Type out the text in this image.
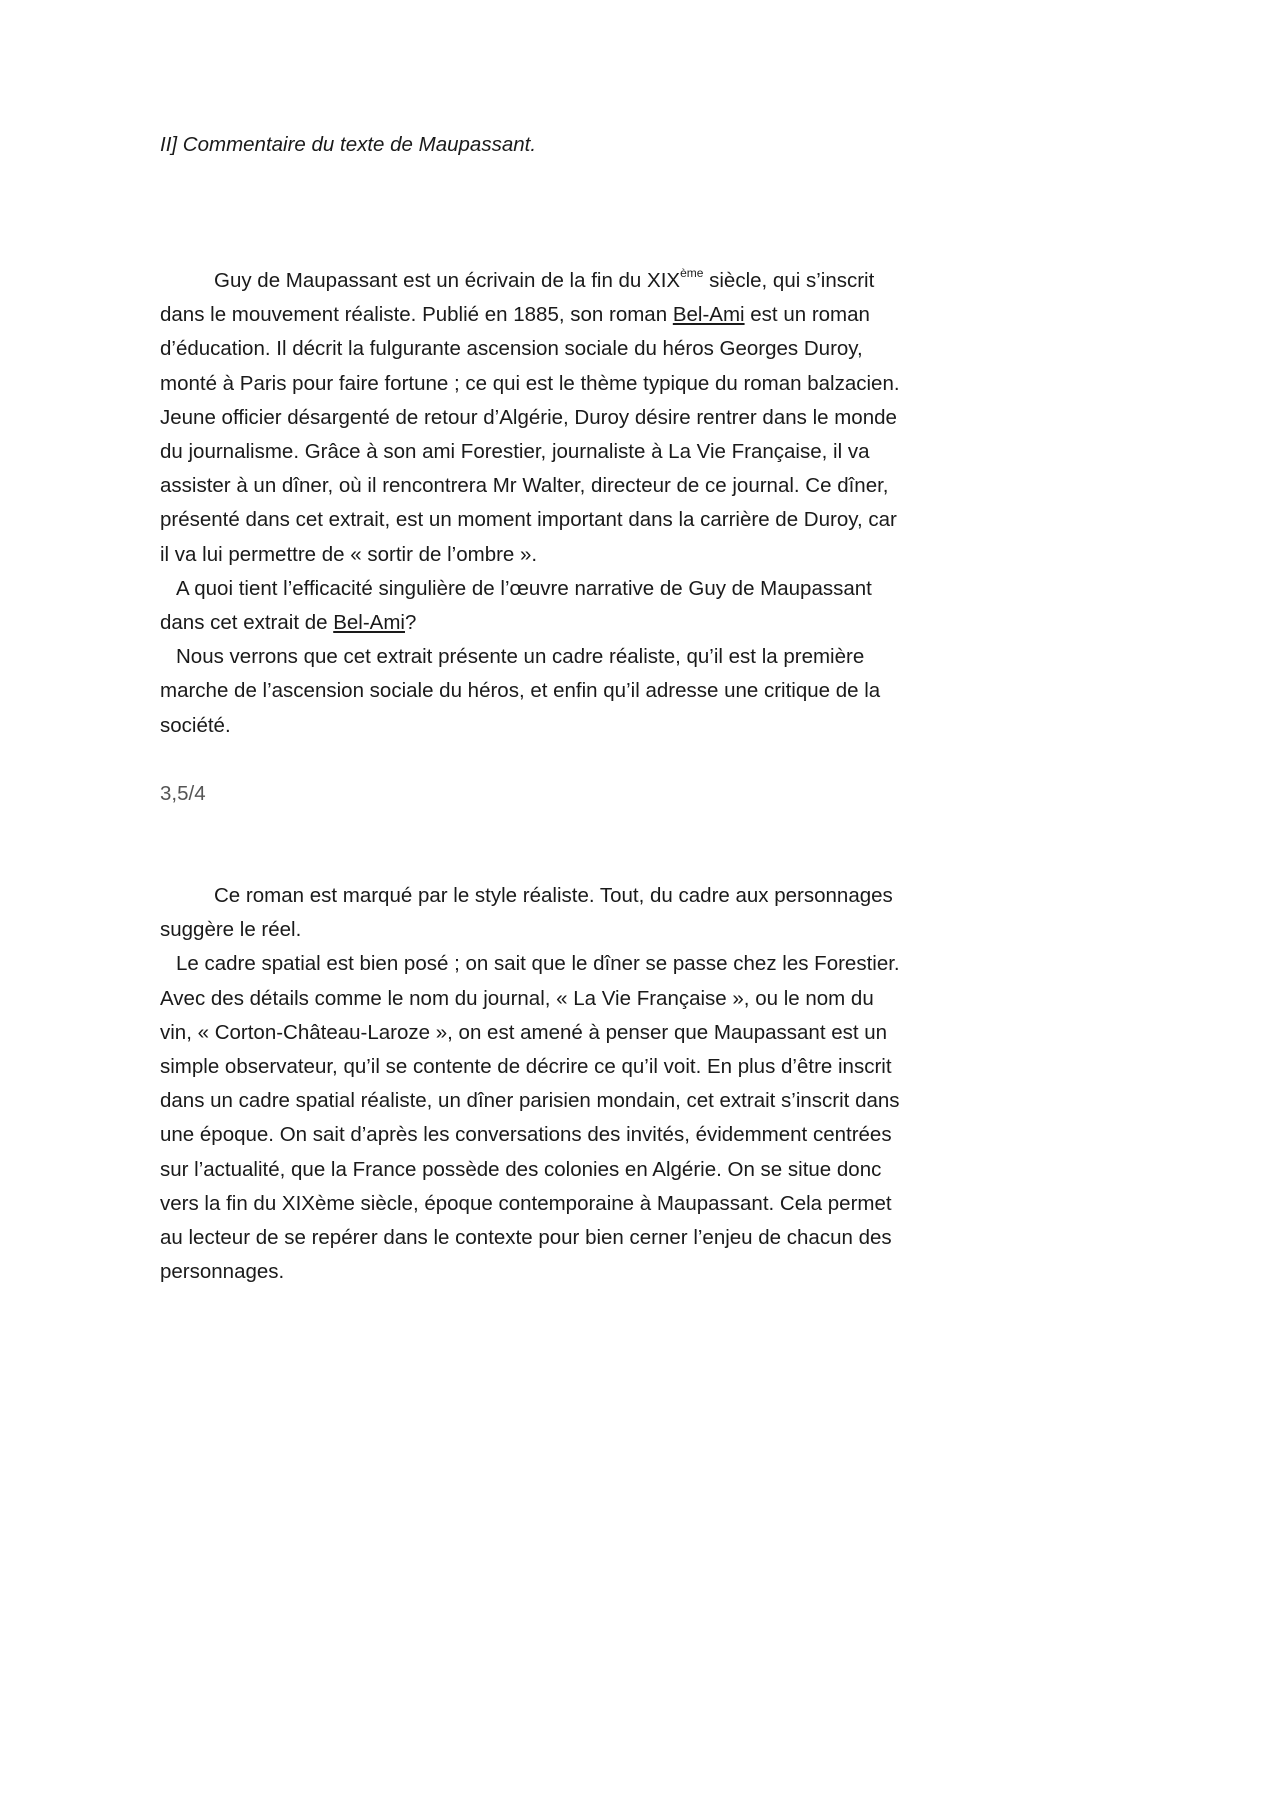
II] Commentaire du texte de Maupassant.

Guy de Maupassant est un écrivain de la fin du XIXème siècle, qui s’inscrit dans le mouvement réaliste. Publié en 1885, son roman Bel-Ami est un roman d’éducation. Il décrit la fulgurante ascension sociale du héros Georges Duroy, monté à Paris pour faire fortune ; ce qui est le thème typique du roman balzacien. Jeune officier désargenté de retour d’Algérie, Duroy désire rentrer dans le monde du journalisme. Grâce à son ami Forestier, journaliste à La Vie Française, il va assister à un dîner, où il rencontrera Mr Walter, directeur de ce journal. Ce dîner, présenté dans cet extrait, est un moment important dans la carrière de Duroy, car il va lui permettre de « sortir de l’ombre ».

A quoi tient l’efficacité singulière de l’œuvre narrative de Guy de Maupassant dans cet extrait de Bel-Ami?

Nous verrons que cet extrait présente un cadre réaliste, qu’il est la première marche de l’ascension sociale du héros, et enfin qu’il adresse une critique de la société.

3,5/4

Ce roman est marqué par le style réaliste. Tout, du cadre aux personnages suggère le réel.

Le cadre spatial est bien posé ; on sait que le dîner se passe chez les Forestier. Avec des détails comme le nom du journal, « La Vie Française », ou le nom du vin, « Corton-Château-Laroze », on est amené à penser que Maupassant est un simple observateur, qu’il se contente de décrire ce qu’il voit. En plus d’être inscrit dans un cadre spatial réaliste, un dîner parisien mondain, cet extrait s’inscrit dans une époque. On sait d’après les conversations des invités, évidemment centrées sur l’actualité, que la France possède des colonies en Algérie. On se situe donc vers la fin du XIXème siècle, époque contemporaine à Maupassant. Cela permet au lecteur de se repérer dans le contexte pour bien cerner l’enjeu de chacun des personnages.
